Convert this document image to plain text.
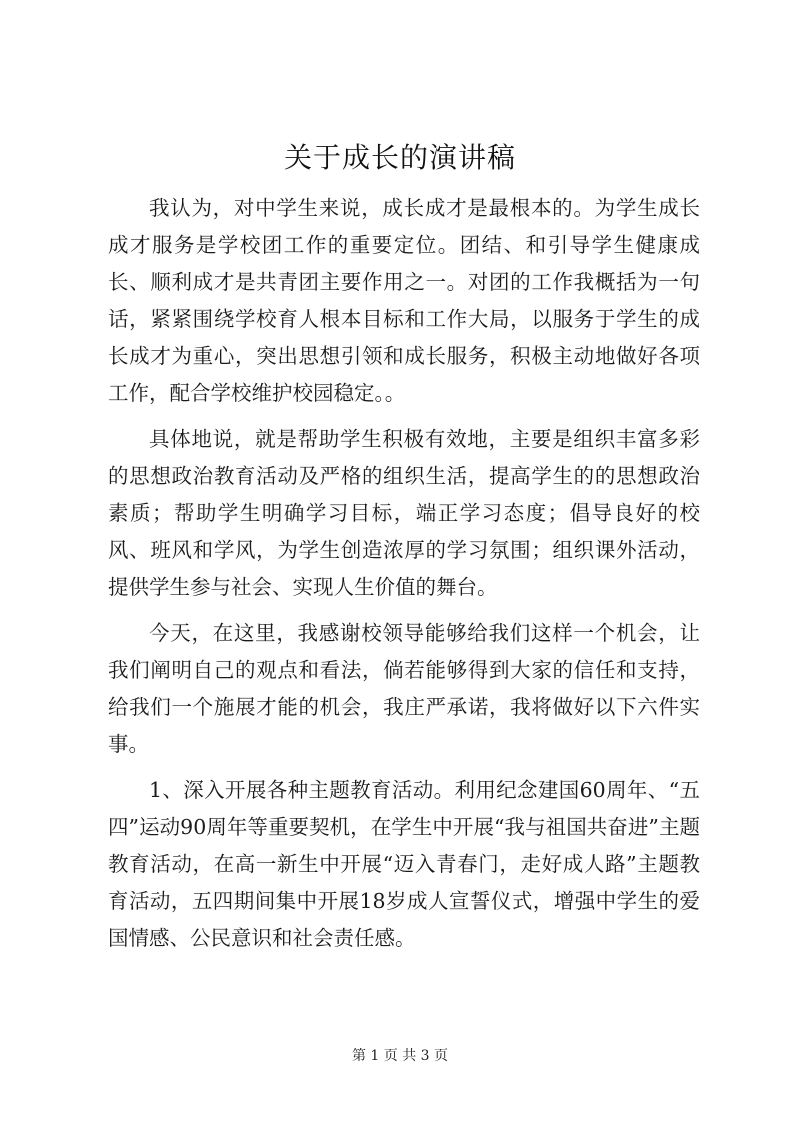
关于成长的演讲稿

我认为，对中学生来说，成长成才是最根本的。为学生成长成才服务是学校团工作的重要定位。团结、和引导学生健康成长、顺利成才是共青团主要作用之一。对团的工作我概括为一句话，紧紧围绕学校育人根本目标和工作大局，以服务于学生的成长成才为重心，突出思想引领和成长服务，积极主动地做好各项工作，配合学校维护校园稳定。。

具体地说，就是帮助学生积极有效地，主要是组织丰富多彩的思想政治教育活动及严格的组织生活，提高学生的的思想政治素质；帮助学生明确学习目标，端正学习态度；倡导良好的校风、班风和学风，为学生创造浓厚的学习氛围；组织课外活动，提供学生参与社会、实现人生价值的舞台。

今天，在这里，我感谢校领导能够给我们这样一个机会，让我们阐明自己的观点和看法，倘若能够得到大家的信任和支持，给我们一个施展才能的机会，我庄严承诺，我将做好以下六件实事。

1、深入开展各种主题教育活动。利用纪念建国60周年、“五四”运动90周年等重要契机，在学生中开展“我与祖国共奋进”主题教育活动，在高一新生中开展“迈入青春门，走好成人路”主题教育活动，五四期间集中开展18岁成人宣誓仪式，增强中学生的爱国情感、公民意识和社会责任感。

第 1 页 共 3 页
